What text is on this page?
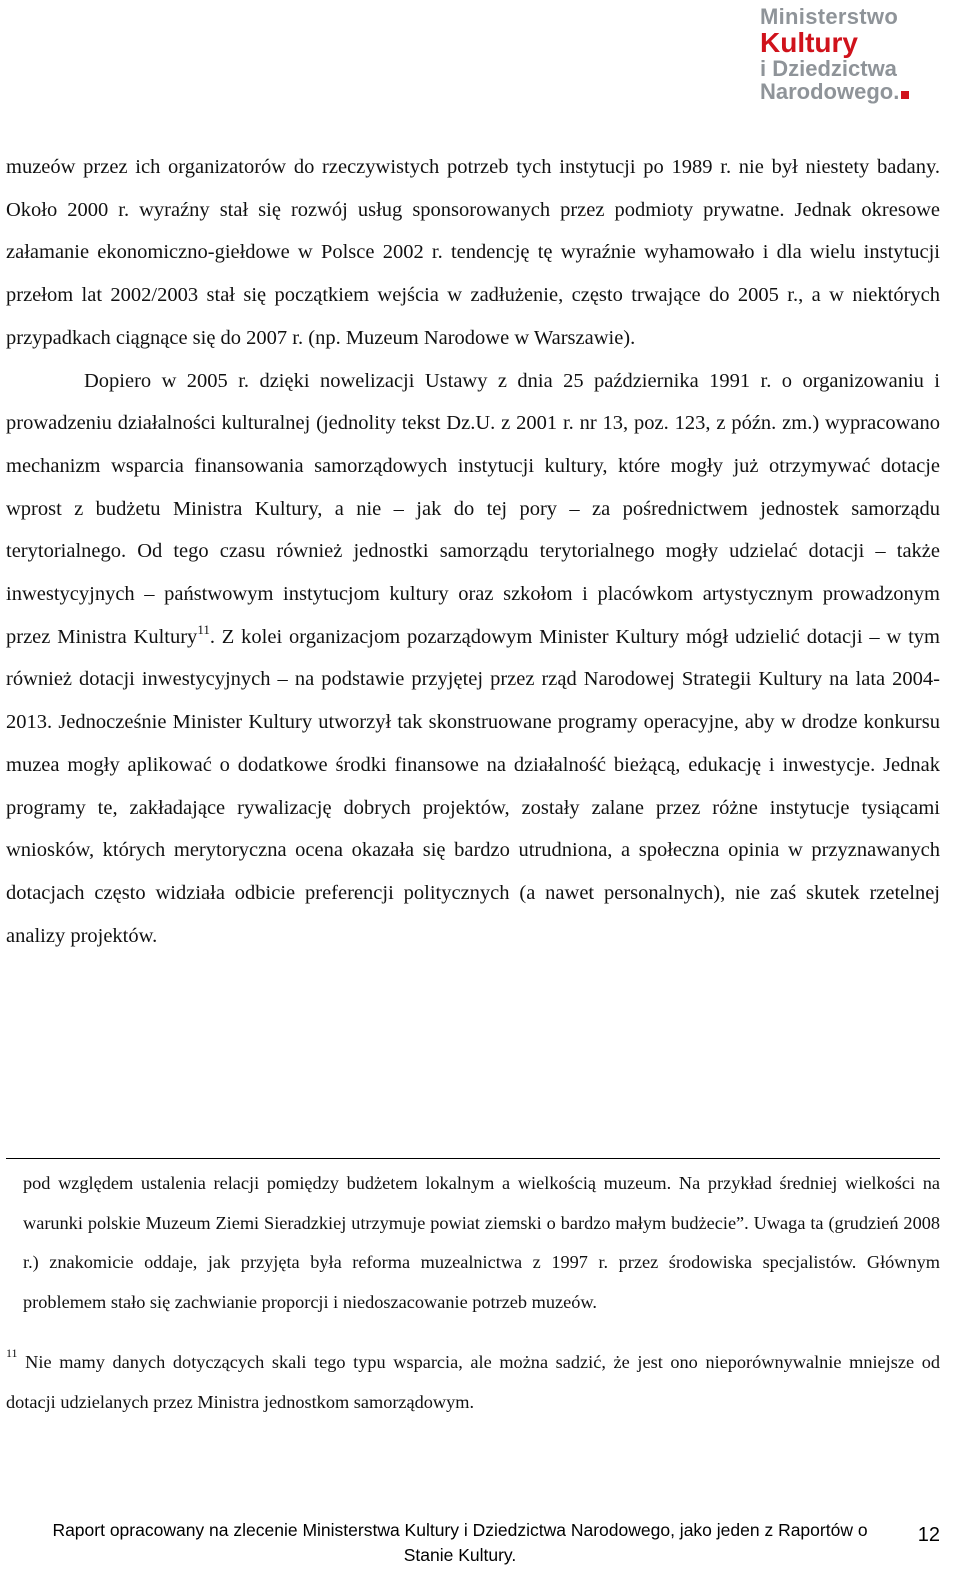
Ministerstwo
Kultury
i Dziedzictwa
Narodowego.

muzeów przez ich organizatorów do rzeczywistych potrzeb tych instytucji po 1989 r. nie był niestety badany. Około 2000 r. wyraźny stał się rozwój usług sponsorowanych przez podmioty prywatne. Jednak okresowe załamanie ekonomiczno-giełdowe w Polsce 2002 r. tendencję tę wyraźnie wyhamowało i dla wielu instytucji przełom lat 2002/2003 stał się początkiem wejścia w zadłużenie, często trwające do 2005 r., a w niektórych przypadkach ciągnące się do 2007 r. (np. Muzeum Narodowe w Warszawie).

Dopiero w 2005 r. dzięki nowelizacji Ustawy z dnia 25 października 1991 r. o organizowaniu i prowadzeniu działalności kulturalnej (jednolity tekst Dz.U. z 2001 r. nr 13, poz. 123, z późn. zm.) wypracowano mechanizm wsparcia finansowania samorządowych instytucji kultury, które mogły już otrzymywać dotacje wprost z budżetu Ministra Kultury, a nie – jak do tej pory – za pośrednictwem jednostek samorządu terytorialnego. Od tego czasu również jednostki samorządu terytorialnego mogły udzielać dotacji – także inwestycyjnych – państwowym instytucjom kultury oraz szkołom i placówkom artystycznym prowadzonym przez Ministra Kultury$^{11}$. Z kolei organizacjom pozarządowym Minister Kultury mógł udzielić dotacji – w tym również dotacji inwestycyjnych – na podstawie przyjętej przez rząd Narodowej Strategii Kultury na lata 2004-2013. Jednocześnie Minister Kultury utworzył tak skonstruowane programy operacyjne, aby w drodze konkursu muzea mogły aplikować o dodatkowe środki finansowe na działalność bieżącą, edukację i inwestycje. Jednak programy te, zakładające rywalizację dobrych projektów, zostały zalane przez różne instytucje tysiącami wniosków, których merytoryczna ocena okazała się bardzo utrudniona, a społeczna opinia w przyznawanych dotacjach często widziała odbicie preferencji politycznych (a nawet personalnych), nie zaś skutek rzetelnej analizy projektów.

pod względem ustalenia relacji pomiędzy budżetem lokalnym a wielkością muzeum. Na przykład średniej wielkości na warunki polskie Muzeum Ziemi Sieradzkiej utrzymuje powiat ziemski o bardzo małym budżecie”. Uwaga ta (grudzień 2008 r.) znakomicie oddaje, jak przyjęta była reforma muzealnictwa z 1997 r. przez środowiska specjalistów. Głównym problemem stało się zachwianie proporcji i niedoszacowanie potrzeb muzeów.

$^{11}$ Nie mamy danych dotyczących skali tego typu wsparcia, ale można sadzić, że jest ono nieporównywalnie mniejsze od dotacji udzielanych przez Ministra jednostkom samorządowym.

Raport opracowany na zlecenie Ministerstwa Kultury i Dziedzictwa Narodowego, jako jeden z Raportów o Stanie Kultury.
12
